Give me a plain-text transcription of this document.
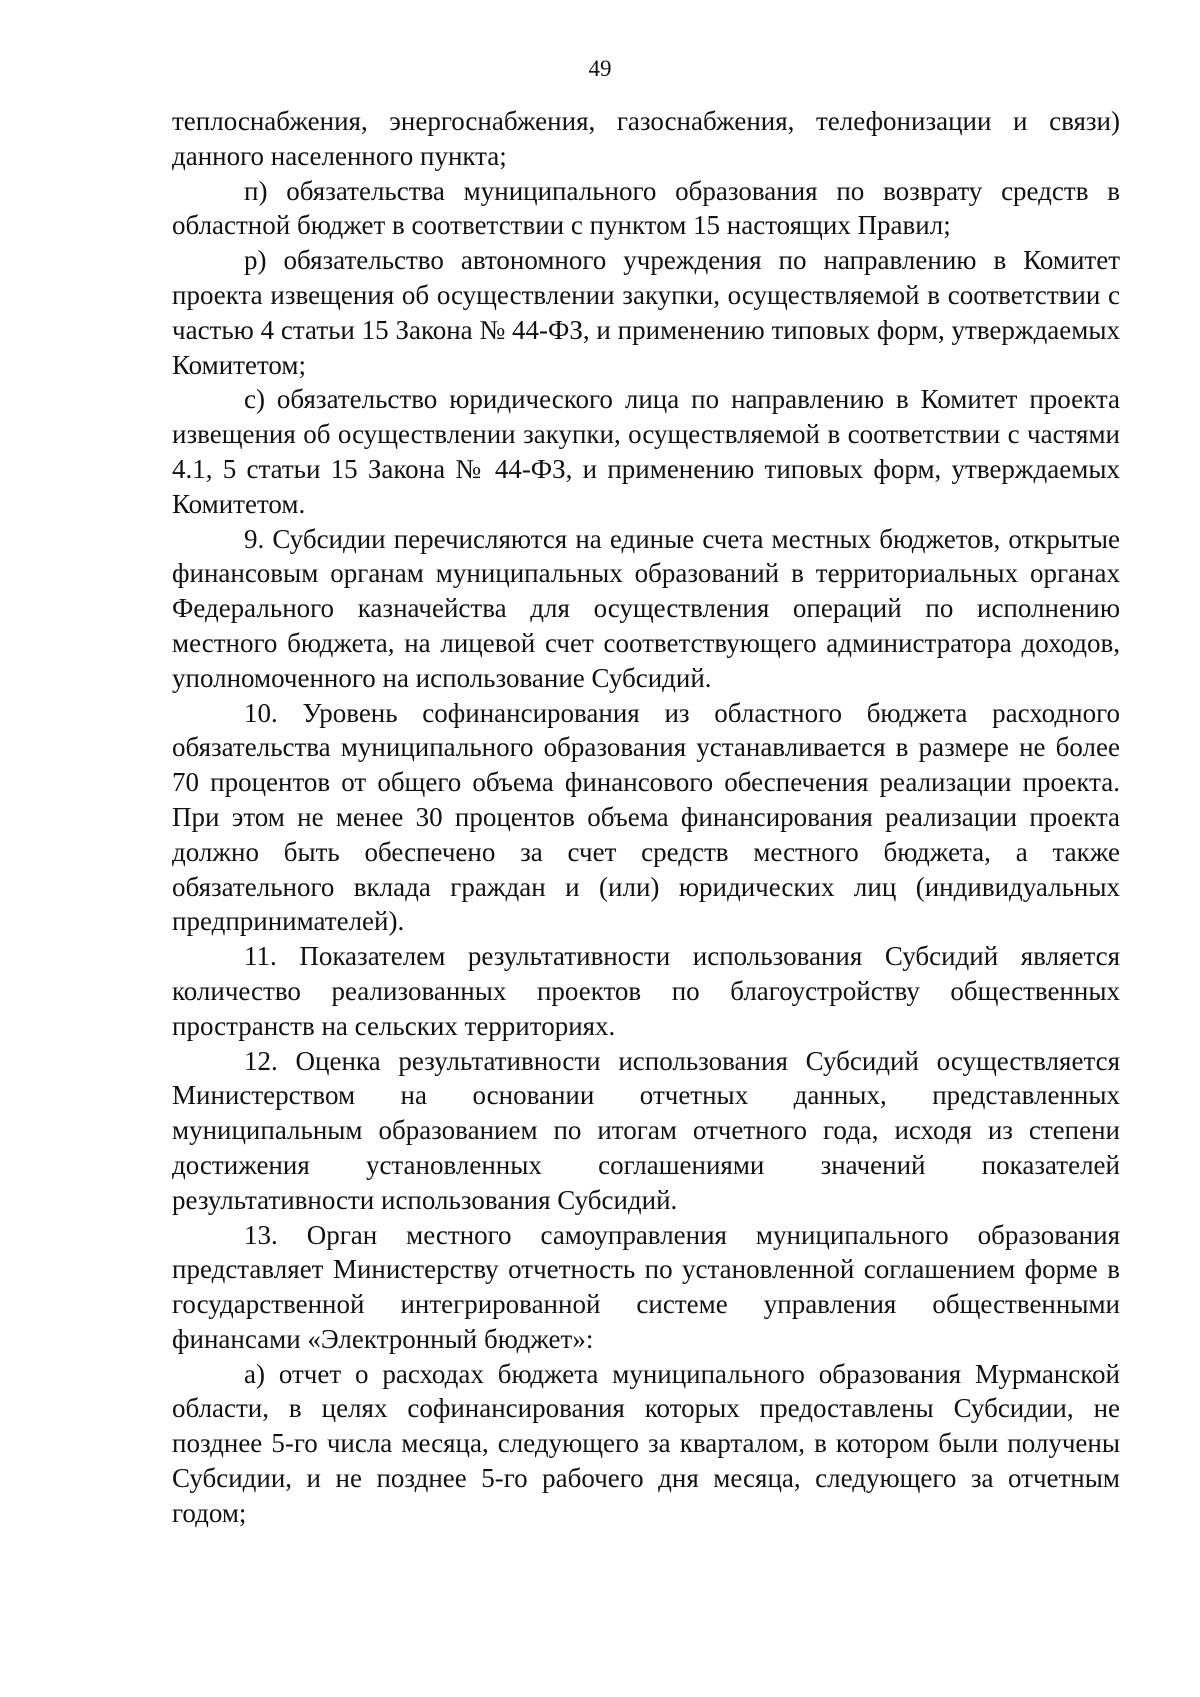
49

теплоснабжения, энергоснабжения, газоснабжения, телефонизации и связи) данного населенного пункта;

п) обязательства муниципального образования по возврату средств в областной бюджет в соответствии с пунктом 15 настоящих Правил;

р) обязательство автономного учреждения по направлению в Комитет проекта извещения об осуществлении закупки, осуществляемой в соответствии с частью 4 статьи 15 Закона № 44-ФЗ, и применению типовых форм, утверждаемых Комитетом;

с) обязательство юридического лица по направлению в Комитет проекта извещения об осуществлении закупки, осуществляемой в соответствии с частями 4.1, 5 статьи 15 Закона № 44-ФЗ, и применению типовых форм, утверждаемых Комитетом.

9. Субсидии перечисляются на единые счета местных бюджетов, открытые финансовым органам муниципальных образований в территориальных органах Федерального казначейства для осуществления операций по исполнению местного бюджета, на лицевой счет соответствующего администратора доходов, уполномоченного на использование Субсидий.

10. Уровень софинансирования из областного бюджета расходного обязательства муниципального образования устанавливается в размере не более 70 процентов от общего объема финансового обеспечения реализации проекта. При этом не менее 30 процентов объема финансирования реализации проекта должно быть обеспечено за счет средств местного бюджета, а также обязательного вклада граждан и (или) юридических лиц (индивидуальных предпринимателей).

11. Показателем результативности использования Субсидий является количество реализованных проектов по благоустройству общественных пространств на сельских территориях.

12. Оценка результативности использования Субсидий осуществляется Министерством на основании отчетных данных, представленных муниципальным образованием по итогам отчетного года, исходя из степени достижения установленных соглашениями значений показателей результативности использования Субсидий.

13. Орган местного самоуправления муниципального образования представляет Министерству отчетность по установленной соглашением форме в государственной интегрированной системе управления общественными финансами «Электронный бюджет»:

а) отчет о расходах бюджета муниципального образования Мурманской области, в целях софинансирования которых предоставлены Субсидии, не позднее 5-го числа месяца, следующего за кварталом, в котором были получены Субсидии, и не позднее 5-го рабочего дня месяца, следующего за отчетным годом;
